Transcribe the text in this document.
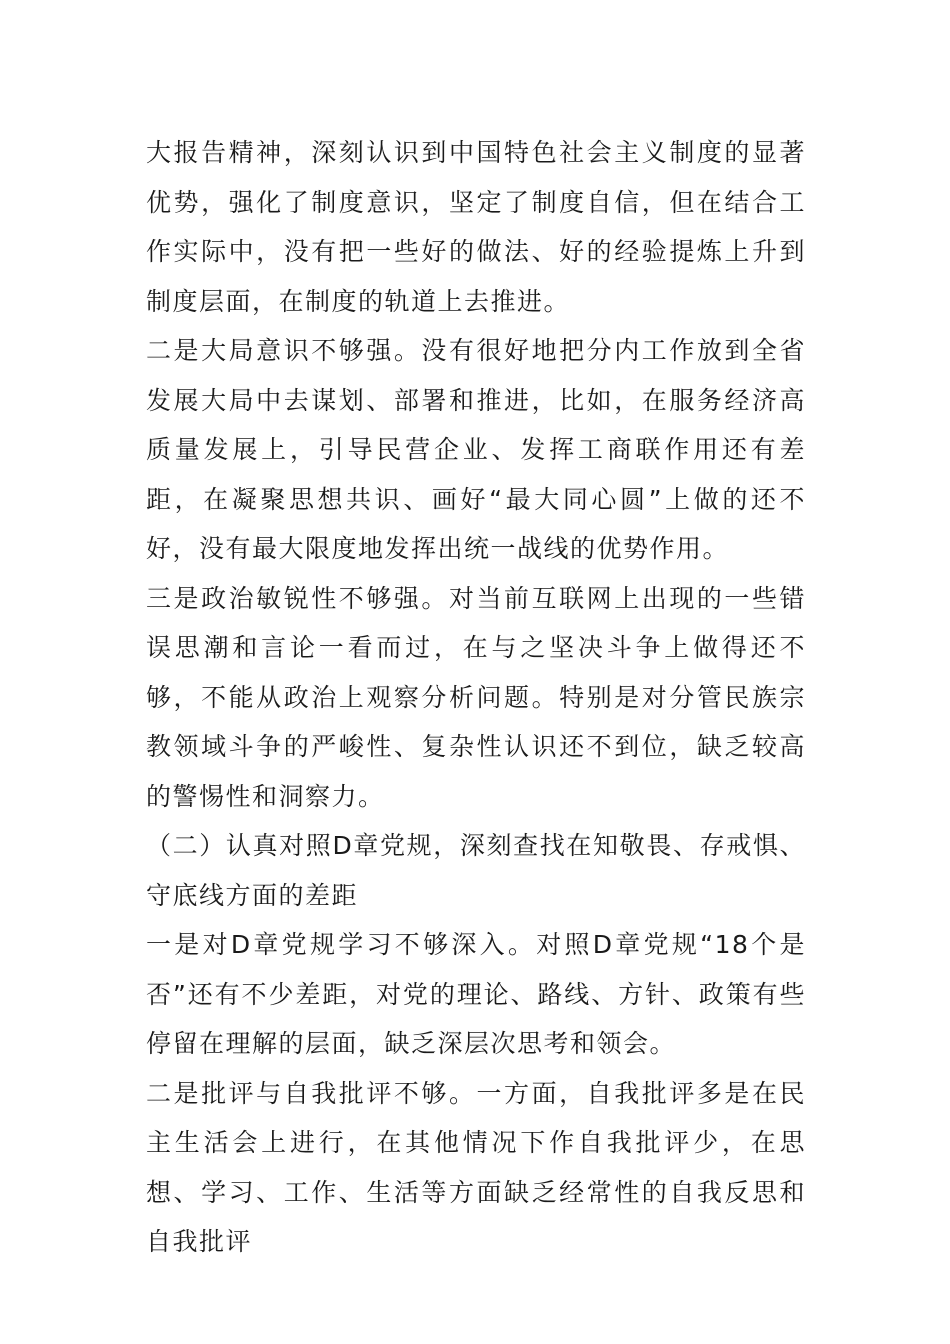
大报告精神，深刻认识到中国特色社会主义制度的显著优势，强化了制度意识，坚定了制度自信，但在结合工作实际中，没有把一些好的做法、好的经验提炼上升到制度层面，在制度的轨道上去推进。

二是大局意识不够强。没有很好地把分内工作放到全省发展大局中去谋划、部署和推进，比如，在服务经济高质量发展上，引导民营企业、发挥工商联作用还有差距，在凝聚思想共识、画好“最大同心圆”上做的还不好，没有最大限度地发挥出统一战线的优势作用。

三是政治敏锐性不够强。对当前互联网上出现的一些错误思潮和言论一看而过，在与之坚决斗争上做得还不够，不能从政治上观察分析问题。特别是对分管民族宗教领域斗争的严峻性、复杂性认识还不到位，缺乏较高的警惕性和洞察力。

（二）认真对照D章党规，深刻查找在知敬畏、存戒惧、守底线方面的差距

一是对D章党规学习不够深入。对照D章党规“18个是否”还有不少差距，对党的理论、路线、方针、政策有些停留在理解的层面，缺乏深层次思考和领会。

二是批评与自我批评不够。一方面，自我批评多是在民主生活会上进行，在其他情况下作自我批评少，在思想、学习、工作、生活等方面缺乏经常性的自我反思和自我批评
